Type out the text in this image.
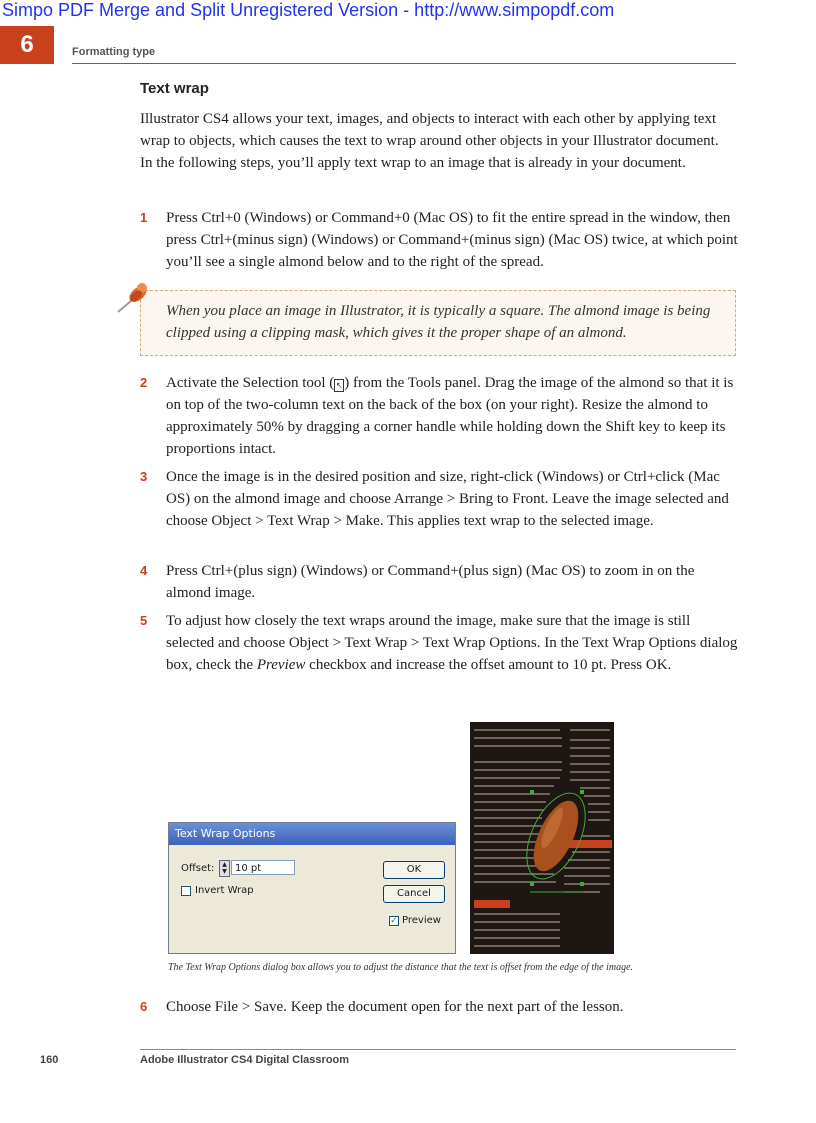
Simpo PDF Merge and Split Unregistered Version - http://www.simpopdf.com
6	Formatting type
Text wrap
Illustrator CS4 allows your text, images, and objects to interact with each other by applying text wrap to objects, which causes the text to wrap around other objects in your Illustrator document. In the following steps, you’ll apply text wrap to an image that is already in your document.
1 Press Ctrl+0 (Windows) or Command+0 (Mac OS) to fit the entire spread in the window, then press Ctrl+(minus sign) (Windows) or Command+(minus sign) (Mac OS) twice, at which point you’ll see a single almond below and to the right of the spread.
When you place an image in Illustrator, it is typically a square. The almond image is being clipped using a clipping mask, which gives it the proper shape of an almond.
2 Activate the Selection tool ( ↖ ) from the Tools panel. Drag the image of the almond so that it is on top of the two-column text on the back of the box (on your right). Resize the almond to approximately 50% by dragging a corner handle while holding down the Shift key to keep its proportions intact.
3 Once the image is in the desired position and size, right-click (Windows) or Ctrl+click (Mac OS) on the almond image and choose Arrange > Bring to Front. Leave the image selected and choose Object > Text Wrap > Make. This applies text wrap to the selected image.
4 Press Ctrl+(plus sign) (Windows) or Command+(plus sign) (Mac OS) to zoom in on the almond image.
5 To adjust how closely the text wraps around the image, make sure that the image is still selected and choose Object > Text Wrap > Text Wrap Options. In the Text Wrap Options dialog box, check the Preview checkbox and increase the offset amount to 10 pt. Press OK.
Text Wrap Options
Offset:	▲
▼ 10 pt
Invert Wrap
OK
Cancel
✓ Preview
The Text Wrap Options dialog box allows you to adjust the distance that the text is offset from the edge of the image.
6 Choose File > Save. Keep the document open for the next part of the lesson.
160	Adobe Illustrator CS4 Digital Classroom
